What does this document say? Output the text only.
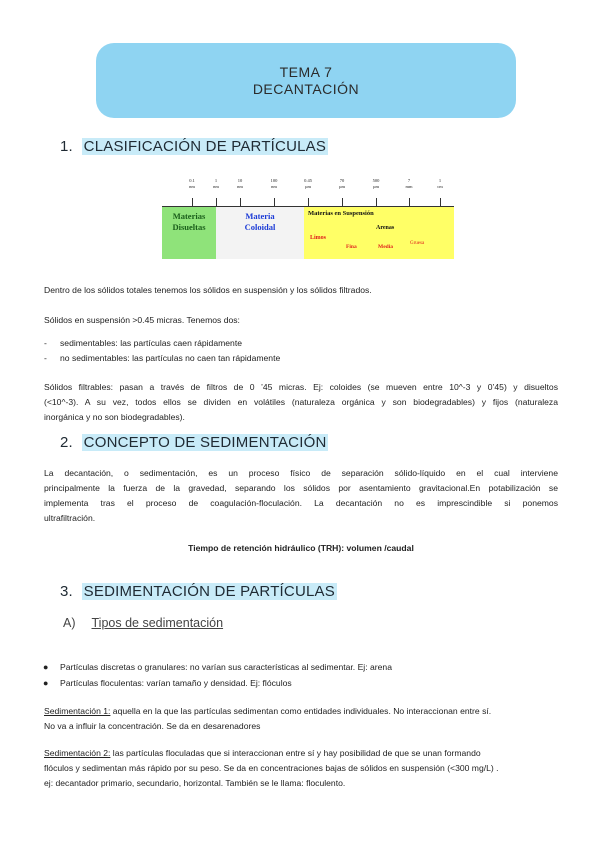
TEMA 7
DECANTACIÓN
1. CLASIFICACIÓN DE PARTÍCULAS
0.1
nm
1
nm
10
nm
100
nm
0.45
µm
70
µm
500
µm
7
mm
1
cm
Materias
Disueltas
Materia
Coloidal
Materias en Suspensión
Arenas
Limos
Fina	Media
Gruesa
Dentro de los sólidos totales tenemos los sólidos en suspensión y los sólidos filtrados.
Sólidos en suspensión >0.45 micras. Tenemos dos:
- sedimentables: las partículas caen rápidamente
- no sedimentables: las partículas no caen tan rápidamente
Sólidos filtrables: pasan a través de filtros de 0 ’45 micras. Ej: coloides (se mueven entre 10^-3 y 0’45) y disueltos
(<10^-3). A su vez, todos ellos se dividen en volátiles (naturaleza orgánica y son biodegradables) y fijos (naturaleza
inorgánica y no son biodegradables).
2. CONCEPTO DE SEDIMENTACIÓN
La decantación, o sedimentación, es un proceso físico de separación sólido-líquido en el cual interviene
principalmente la fuerza de la gravedad, separando los sólidos por asentamiento gravitacional.En potabilización se
implementa tras el proceso de coagulación-floculación. La decantación no es imprescindible si ponemos
ultrafiltración.
Tiempo de retención hidráulico (TRH): volumen /caudal
3. SEDIMENTACIÓN DE PARTÍCULAS
A) Tipos de sedimentación
● Partículas discretas o granulares: no varían sus características al sedimentar. Ej: arena
● Partículas floculentas: varían tamaño y densidad. Ej: flóculos
Sedimentación 1: aquella en la que las partículas sedimentan como entidades individuales. No interaccionan entre sí.
No va a influir la concentración. Se da en desarenadores
Sedimentación 2: las partículas floculadas que si interaccionan entre sí y hay posibilidad de que se unan formando
flóculos y sedimentan más rápido por su peso. Se da en concentraciones bajas de sólidos en suspensión (<300 mg/L) .
ej: decantador primario, secundario, horizontal. También se le llama: floculento.
